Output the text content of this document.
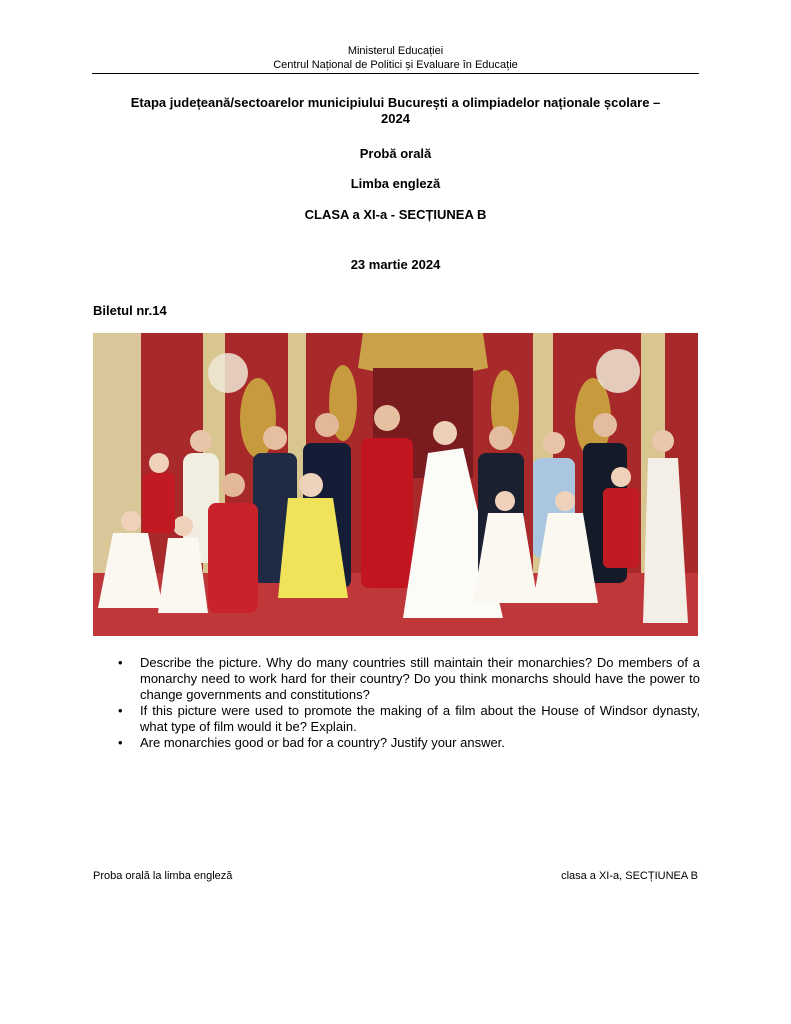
Ministerul Educației
Centrul Național de Politici și Evaluare în Educație
Etapa județeană/sectoarelor municipiului București a olimpiadelor naționale școlare –
2024
Probă orală
Limba engleză
CLASA a XI-a - SECȚIUNEA B
23 martie 2024
Biletul nr.14
• Describe the picture. Why do many countries still maintain their monarchies? Do members of a monarchy need to work hard for their country? Do you think monarchs should have the power to change governments and constitutions?
• If this picture were used to promote the making of a film about the House of Windsor dynasty, what type of film would it be? Explain.
• Are monarchies good or bad for a country? Justify your answer.
Proba orală la limba engleză	clasa a XI-a, SECȚIUNEA B
